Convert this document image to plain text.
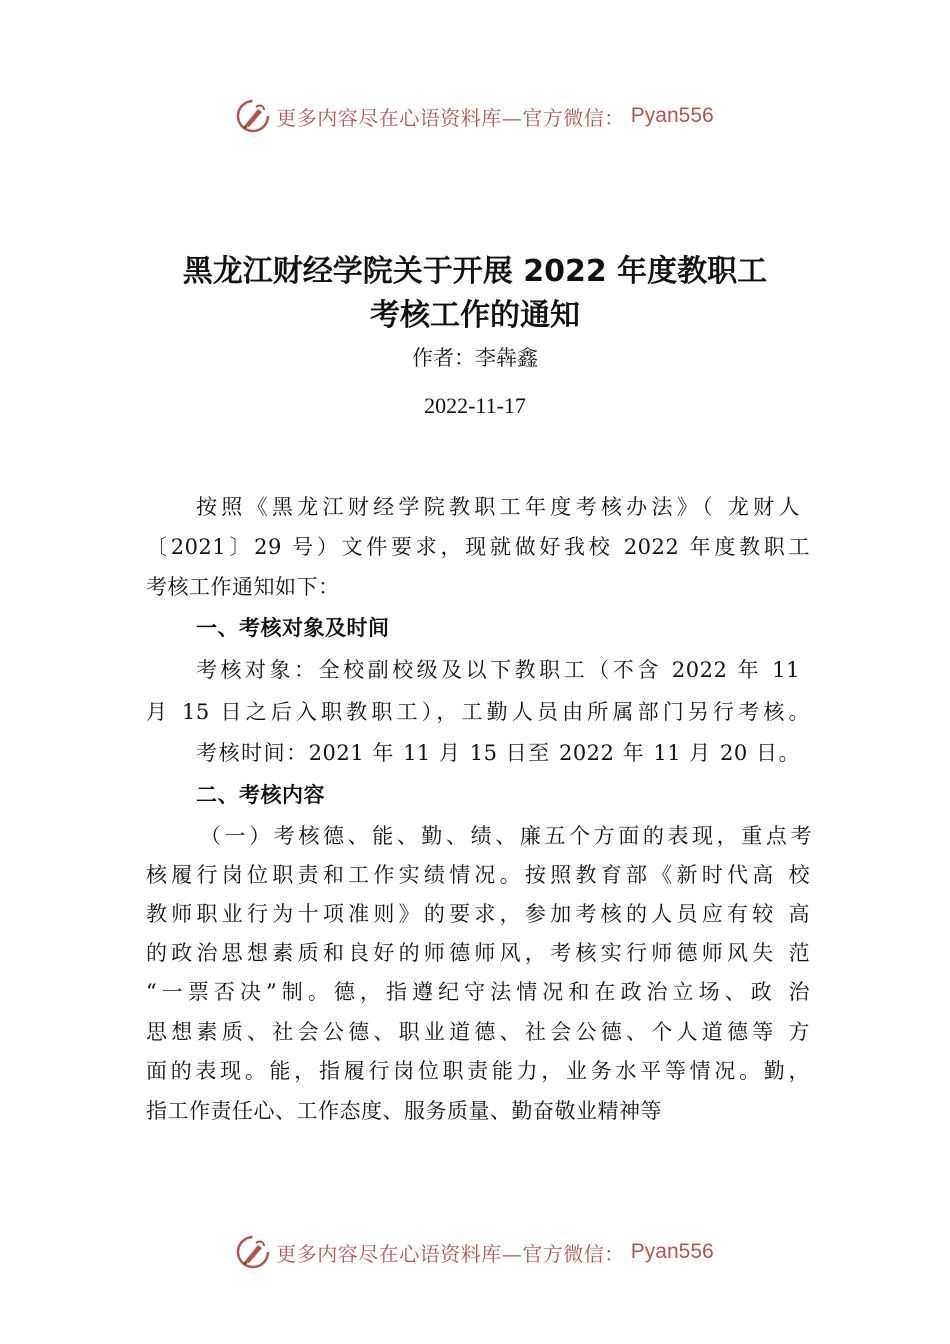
更多内容尽在心语资料库—官方微信： Pyan556
黑龙江财经学院关于开展 2022 年度教职工
考核工作的通知
作者：李犇鑫
2022-11-17
按照《黑龙江财经学院教职工年度考核办法》（ 龙财人
〔2021〕29 号）文件要求，现就做好我校 2022 年度教职工
考核工作通知如下：
一、考核对象及时间
考核对象：全校副校级及以下教职工（不含 2022 年 11
月 15 日之后入职教职工），工勤人员由所属部门另行考核。
考核时间：2021 年 11 月 15 日至 2022 年 11 月 20 日。
二、考核内容
（一）考核德、能、勤、绩、廉五个方面的表现，重点考
核履行岗位职责和工作实绩情况。按照教育部《新时代高 校
教师职业行为十项准则》的要求，参加考核的人员应有较 高
的政治思想素质和良好的师德师风，考核实行师德师风失 范
“一票否决”制。德，指遵纪守法情况和在政治立场、政 治
思想素质、社会公德、职业道德、社会公德、个人道德等 方
面的表现。能，指履行岗位职责能力，业务水平等情况。勤，
指工作责任心、工作态度、服务质量、勤奋敬业精神等
更多内容尽在心语资料库—官方微信： Pyan556
